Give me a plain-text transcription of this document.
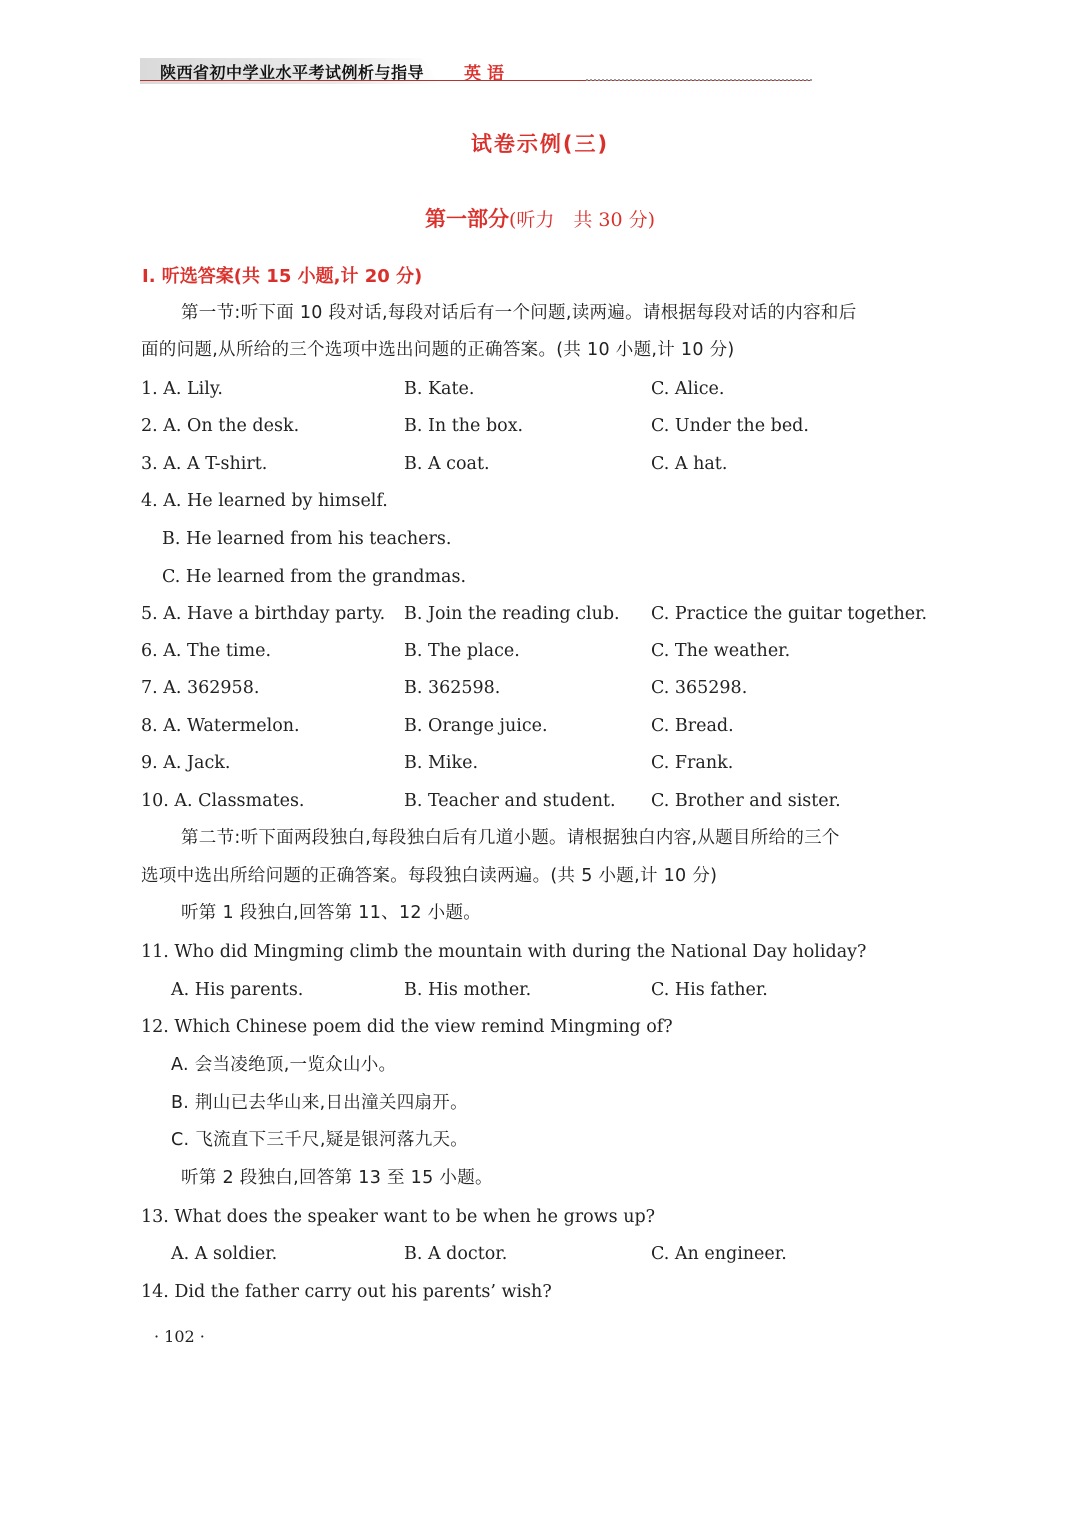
陕西省初中学业水平考试例析与指导 英语
试卷示例(三)
第一部分(听力　共 30 分)
Ⅰ. 听选答案(共 15 小题,计 20 分)
第一节:听下面 10 段对话,每段对话后有一个问题,读两遍。请根据每段对话的内容和后
面的问题,从所给的三个选项中选出问题的正确答案。(共 10 小题,计 10 分)
1. A. Lily.	B. Kate.	C. Alice.
2. A. On the desk.	B. In the box.	C. Under the bed.
3. A. A T-shirt.	B. A coat.	C. A hat.
4. A. He learned by himself.
B. He learned from his teachers.
C. He learned from the grandmas.
5. A. Have a birthday party. B. Join the reading club. C. Practice the guitar together.
6. A. The time.	B. The place.	C. The weather.
7. A. 362958.	B. 362598.	C. 365298.
8. A. Watermelon.	B. Orange juice.	C. Bread.
9. A. Jack.	B. Mike.	C. Frank.
10. A. Classmates.	B. Teacher and student. C. Brother and sister.
第二节:听下面两段独白,每段独白后有几道小题。请根据独白内容,从题目所给的三个
选项中选出所给问题的正确答案。每段独白读两遍。(共 5 小题,计 10 分)
听第 1 段独白,回答第 11、12 小题。
11. Who did Mingming climb the mountain with during the National Day holiday?
A. His parents.	B. His mother.	C. His father.
12. Which Chinese poem did the view remind Mingming of?
A. 会当凌绝顶,一览众山小。
B. 荆山已去华山来,日出潼关四扇开。
C. 飞流直下三千尺,疑是银河落九天。
听第 2 段独白,回答第 13 至 15 小题。
13. What does the speaker want to be when he grows up?
A. A soldier.	B. A doctor.	C. An engineer.
14. Did the father carry out his parents’ wish?
· 102 ·
